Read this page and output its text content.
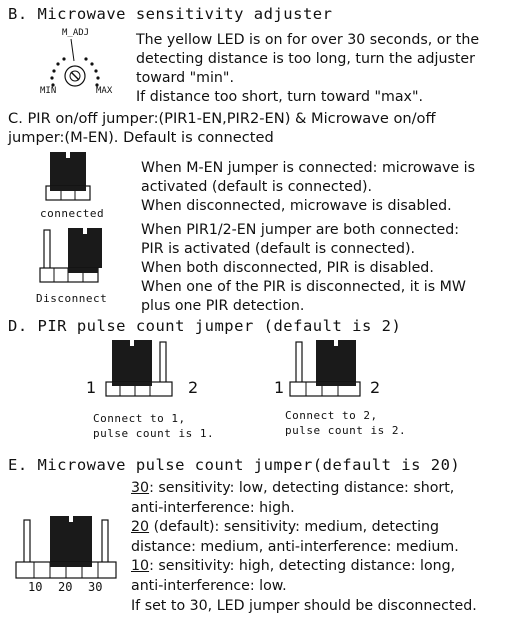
B. Microwave sensitivity adjuster
M_ADJ
MIN	MAX
The yellow LED is on for over 30 seconds, or the
detecting distance is too long, turn the adjuster
toward "min".
If distance too short, turn toward "max".
C. PIR on/off jumper:(PIR1-EN,PIR2-EN) & Microwave on/off
jumper:(M-EN). Default is connected
connected
Disconnect
When M-EN jumper is connected: microwave is
activated (default is connected).
When disconnected, microwave is disabled.
When PIR1/2-EN jumper are both connected:
PIR is activated (default is connected).
When both disconnected, PIR is disabled.
When one of the PIR is disconnected, it is MW
plus one PIR detection.
D. PIR pulse count jumper (default is 2)
1	2
Connect to 1,
pulse count is 1.
1	2
Connect to 2,
pulse count is 2.
E. Microwave pulse count jumper(default is 20)
10 20 30
30: sensitivity: low, detecting distance: short,
anti-interference: high.
20 (default): sensitivity: medium, detecting
distance: medium, anti-interference: medium.
10: sensitivity: high, detecting distance: long,
anti-interference: low.
If set to 30, LED jumper should be disconnected.
